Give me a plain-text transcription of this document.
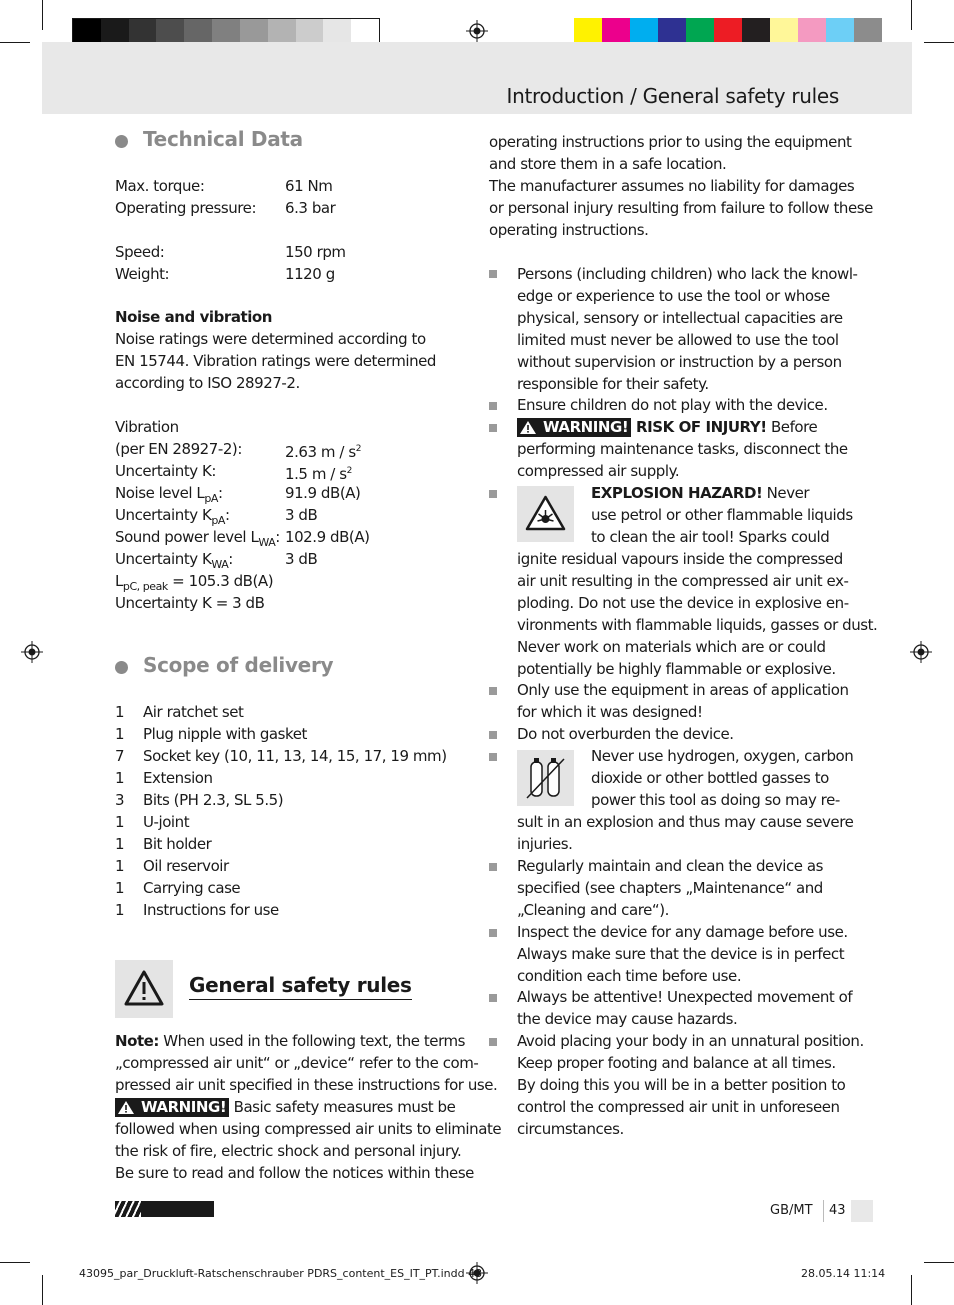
Introduction / General safety rules
Technical Data
Max. torque:	61 Nm
Operating pressure: 6.3 bar
Speed:	150 rpm
Weight:	1120 g
Noise and vibration
Noise ratings were determined according to
EN 15744. Vibration ratings were determined
according to ISO 28927-2.
Vibration
(per EN 28927-2):	2.63 m / $s^2$
Uncertainty K:	1.5 m / $s^2$
Noise level $L_{pA}$:	91.9 dB(A)
Uncertainty $K_{pA}$:	3 dB
Sound power level $L_{WA}$: 102.9 dB(A)
Uncertainty $K_{WA}$:	3 dB
$L_{pC, peak} = 105.3$ dB(A)
Uncertainty K = 3 dB
Scope of delivery
1 Air ratchet set
1 Plug nipple with gasket
7 Socket key (10, 11, 13, 14, 15, 17, 19 mm)
1 Extension
3 Bits (PH 2.3, SL 5.5)
1 U-joint
1 Bit holder
1 Oil reservoir
1 Carrying case
1 Instructions for use
General safety rules
Note: When used in the following text, the terms
„compressed air unit“ or „device“ refer to the com-
pressed air unit specified in these instructions for use.
WARNING! Basic safety measures must be
followed when using compressed air units to eliminate
the risk of fire, electric shock and personal injury.
Be sure to read and follow the notices within these
operating instructions prior to using the equipment
and store them in a safe location.
The manufacturer assumes no liability for damages
or personal injury resulting from failure to follow these
operating instructions.
Persons (including children) who lack the knowl-
edge or experience to use the tool or whose
physical, sensory or intellectual capacities are
limited must never be allowed to use the tool
without supervision or instruction by a person
responsible for their safety.
Ensure children do not play with the device.
WARNING! RISK OF INJURY! Before
performing maintenance tasks, disconnect the
compressed air supply.
EXPLOSION HAZARD! Never
use petrol or other flammable liquids
to clean the air tool! Sparks could
ignite residual vapours inside the compressed
air unit resulting in the compressed air unit ex-
ploding. Do not use the device in explosive en-
vironments with flammable liquids, gasses or dust.
Never work on materials which are or could
potentially be highly flammable or explosive.
Only use the equipment in areas of application
for which it was designed!
Do not overburden the device.
Never use hydrogen, oxygen, carbon
dioxide or other bottled gasses to
power this tool as doing so may re-
sult in an explosion and thus may cause severe
injuries.
Regularly maintain and clean the device as
specified (see chapters „Maintenance“ and
„Cleaning and care“).
Inspect the device for any damage before use.
Always make sure that the device is in perfect
condition each time before use.
Always be attentive! Unexpected movement of
the device may cause hazards.
Avoid placing your body in an unnatural position.
Keep proper footing and balance at all times.
By doing this you will be in a better position to
control the compressed air unit in unforeseen
circumstances.
PARKSIDE
GB/MT 43
43095_par_Druckluft-Ratschenschrauber PDRS_content_ES_IT_PT.indd 43	28.05.14 11:14
